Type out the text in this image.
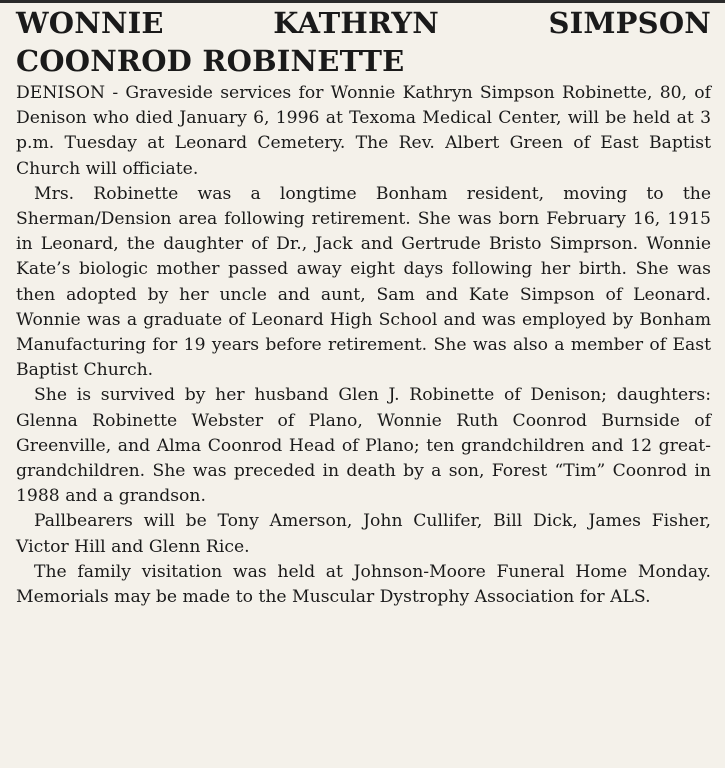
WONNIE	KATHRYN	SIMPSON
COONROD ROBINETTE

DENISON - Graveside services for Wonnie Kathryn Simpson Robinette, 80, of Denison who died January 6, 1996 at Texoma Medical Center, will be held at 3 p.m. Tuesday at Leonard Cemetery. The Rev. Albert Green of East Baptist Church will officiate.

Mrs. Robinette was a longtime Bonham resident, moving to the Sherman/Dension area following retirement. She was born February 16, 1915 in Leonard, the daughter of Dr., Jack and Gertrude Bristo Simprson. Wonnie Kate’s biologic mother passed away eight days following her birth. She was then adopted by her uncle and aunt, Sam and Kate Simpson of Leonard. Wonnie was a graduate of Leonard High School and was employed by Bonham Manufacturing for 19 years before retirement. She was also a member of East Baptist Church.

She is survived by her husband Glen J. Robinette of Denison; daughters: Glenna Robinette Webster of Plano, Wonnie Ruth Coonrod Burnside of Greenville, and Alma Coonrod Head of Plano; ten grandchildren and 12 great-grandchildren. She was preceded in death by a son, Forest “Tim” Coonrod in 1988 and a grandson.

Pallbearers will be Tony Amerson, John Cullifer, Bill Dick, James Fisher, Victor Hill and Glenn Rice.

The family visitation was held at Johnson-Moore Funeral Home Monday. Memorials may be made to the Muscular Dystrophy Association for ALS.
